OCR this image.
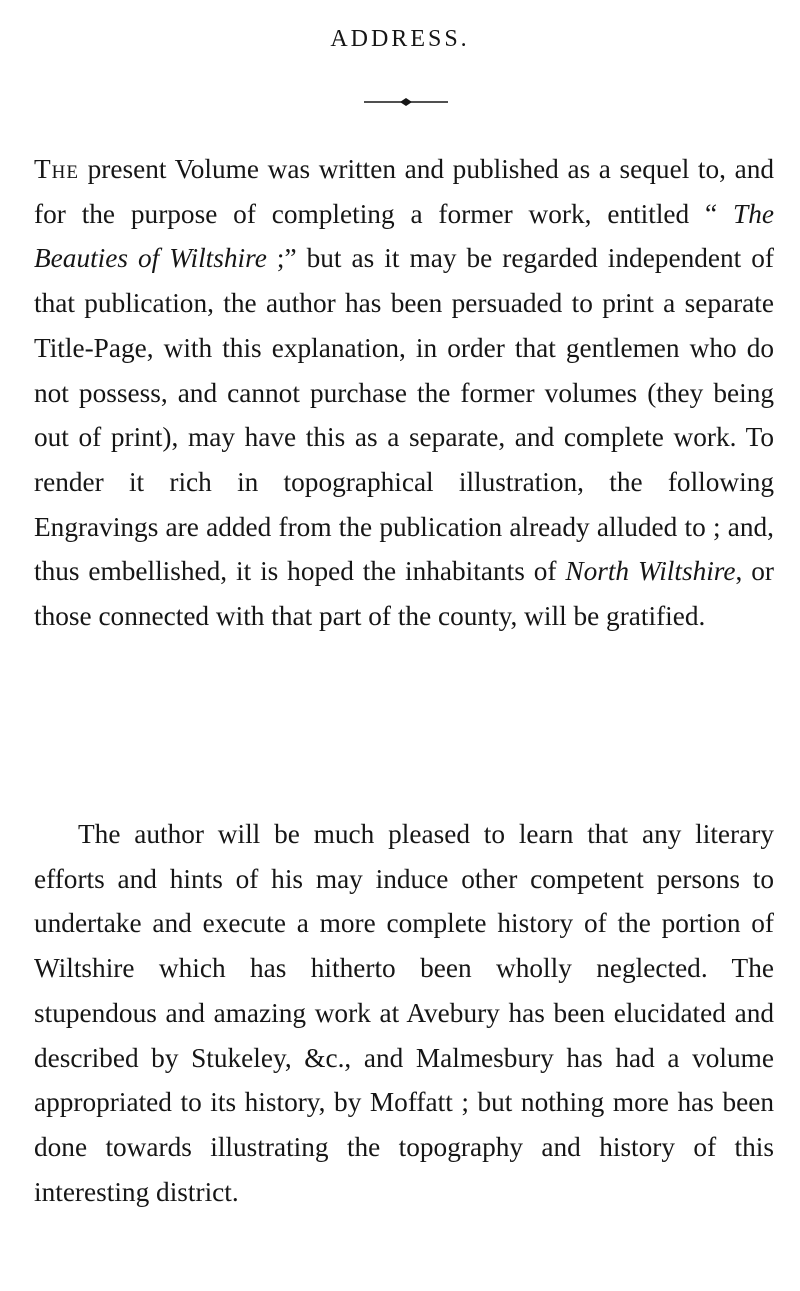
ADDRESS.

The present Volume was written and published as a sequel to, and for the purpose of completing a former work, entitled “ The Beauties of Wiltshire ;” but as it may be regarded independent of that publication, the author has been persuaded to print a separate Title-Page, with this explanation, in order that gentlemen who do not possess, and cannot purchase the former volumes (they being out of print), may have this as a separate, and complete work. To render it rich in topographical illustration, the following Engravings are added from the publication already alluded to ; and, thus embellished, it is hoped the inhabitants of North Wiltshire, or those connected with that part of the county, will be gratified.

The author will be much pleased to learn that any literary efforts and hints of his may induce other competent persons to undertake and execute a more complete history of the portion of Wiltshire which has hitherto been wholly neglected. The stupendous and amazing work at Avebury has been elucidated and described by Stukeley, &c., and Malmesbury has had a volume appropriated to its history, by Moffatt ; but nothing more has been done towards illustrating the topography and history of this interesting district.
